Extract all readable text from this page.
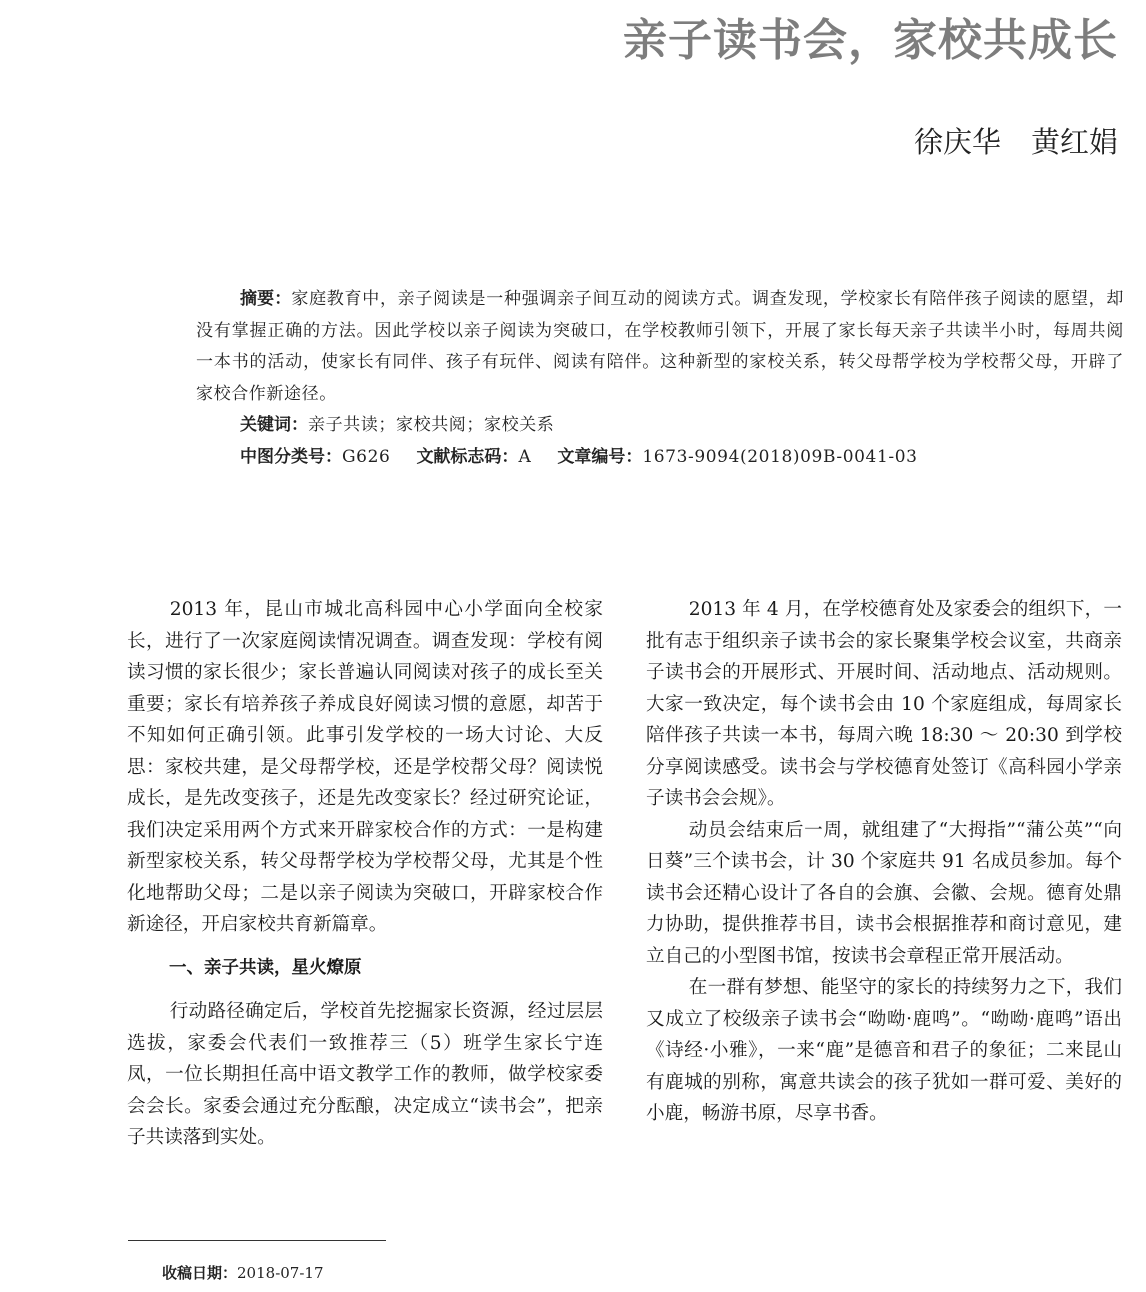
亲子读书会，家校共成长
徐庆华 黄红娟

摘要：家庭教育中，亲子阅读是一种强调亲子间互动的阅读方式。调查发现，学校家长有陪伴孩子阅读的愿望，却没有掌握正确的方法。因此学校以亲子阅读为突破口，在学校教师引领下，开展了家长每天亲子共读半小时，每周共阅一本书的活动，使家长有同伴、孩子有玩伴、阅读有陪伴。这种新型的家校关系，转父母帮学校为学校帮父母，开辟了家校合作新途径。

关键词：亲子共读；家校共阅；家校关系

中图分类号：G626 文献标志码：A 文章编号：1673-9094(2018)09B-0041-03

2013 年，昆山市城北高科园中心小学面向全校家长，进行了一次家庭阅读情况调查。调查发现：学校有阅读习惯的家长很少；家长普遍认同阅读对孩子的成长至关重要；家长有培养孩子养成良好阅读习惯的意愿，却苦于不知如何正确引领。此事引发学校的一场大讨论、大反思：家校共建，是父母帮学校，还是学校帮父母？阅读悦成长，是先改变孩子，还是先改变家长？经过研究论证，我们决定采用两个方式来开辟家校合作的方式：一是构建新型家校关系，转父母帮学校为学校帮父母，尤其是个性化地帮助父母；二是以亲子阅读为突破口，开辟家校合作新途径，开启家校共育新篇章。

一、亲子共读，星火燎原

行动路径确定后，学校首先挖掘家长资源，经过层层选拔，家委会代表们一致推荐三（5）班学生家长宁连凤，一位长期担任高中语文教学工作的教师，做学校家委会会长。家委会通过充分酝酿，决定成立“读书会”，把亲子共读落到实处。

2013 年 4 月，在学校德育处及家委会的组织下，一批有志于组织亲子读书会的家长聚集学校会议室，共商亲子读书会的开展形式、开展时间、活动地点、活动规则。大家一致决定，每个读书会由 10 个家庭组成，每周家长陪伴孩子共读一本书，每周六晚 18:30 ～ 20:30 到学校分享阅读感受。读书会与学校德育处签订《高科园小学亲子读书会会规》。

动员会结束后一周，就组建了“大拇指”“蒲公英”“向日葵”三个读书会，计 30 个家庭共 91 名成员参加。每个读书会还精心设计了各自的会旗、会徽、会规。德育处鼎力协助，提供推荐书目，读书会根据推荐和商讨意见，建立自己的小型图书馆，按读书会章程正常开展活动。

在一群有梦想、能坚守的家长的持续努力之下，我们又成立了校级亲子读书会“呦呦·鹿鸣”。“呦呦·鹿鸣”语出《诗经·小雅》，一来“鹿”是德音和君子的象征；二来昆山有鹿城的别称，寓意共读会的孩子犹如一群可爱、美好的小鹿，畅游书原，尽享书香。

收稿日期：2018-07-17
